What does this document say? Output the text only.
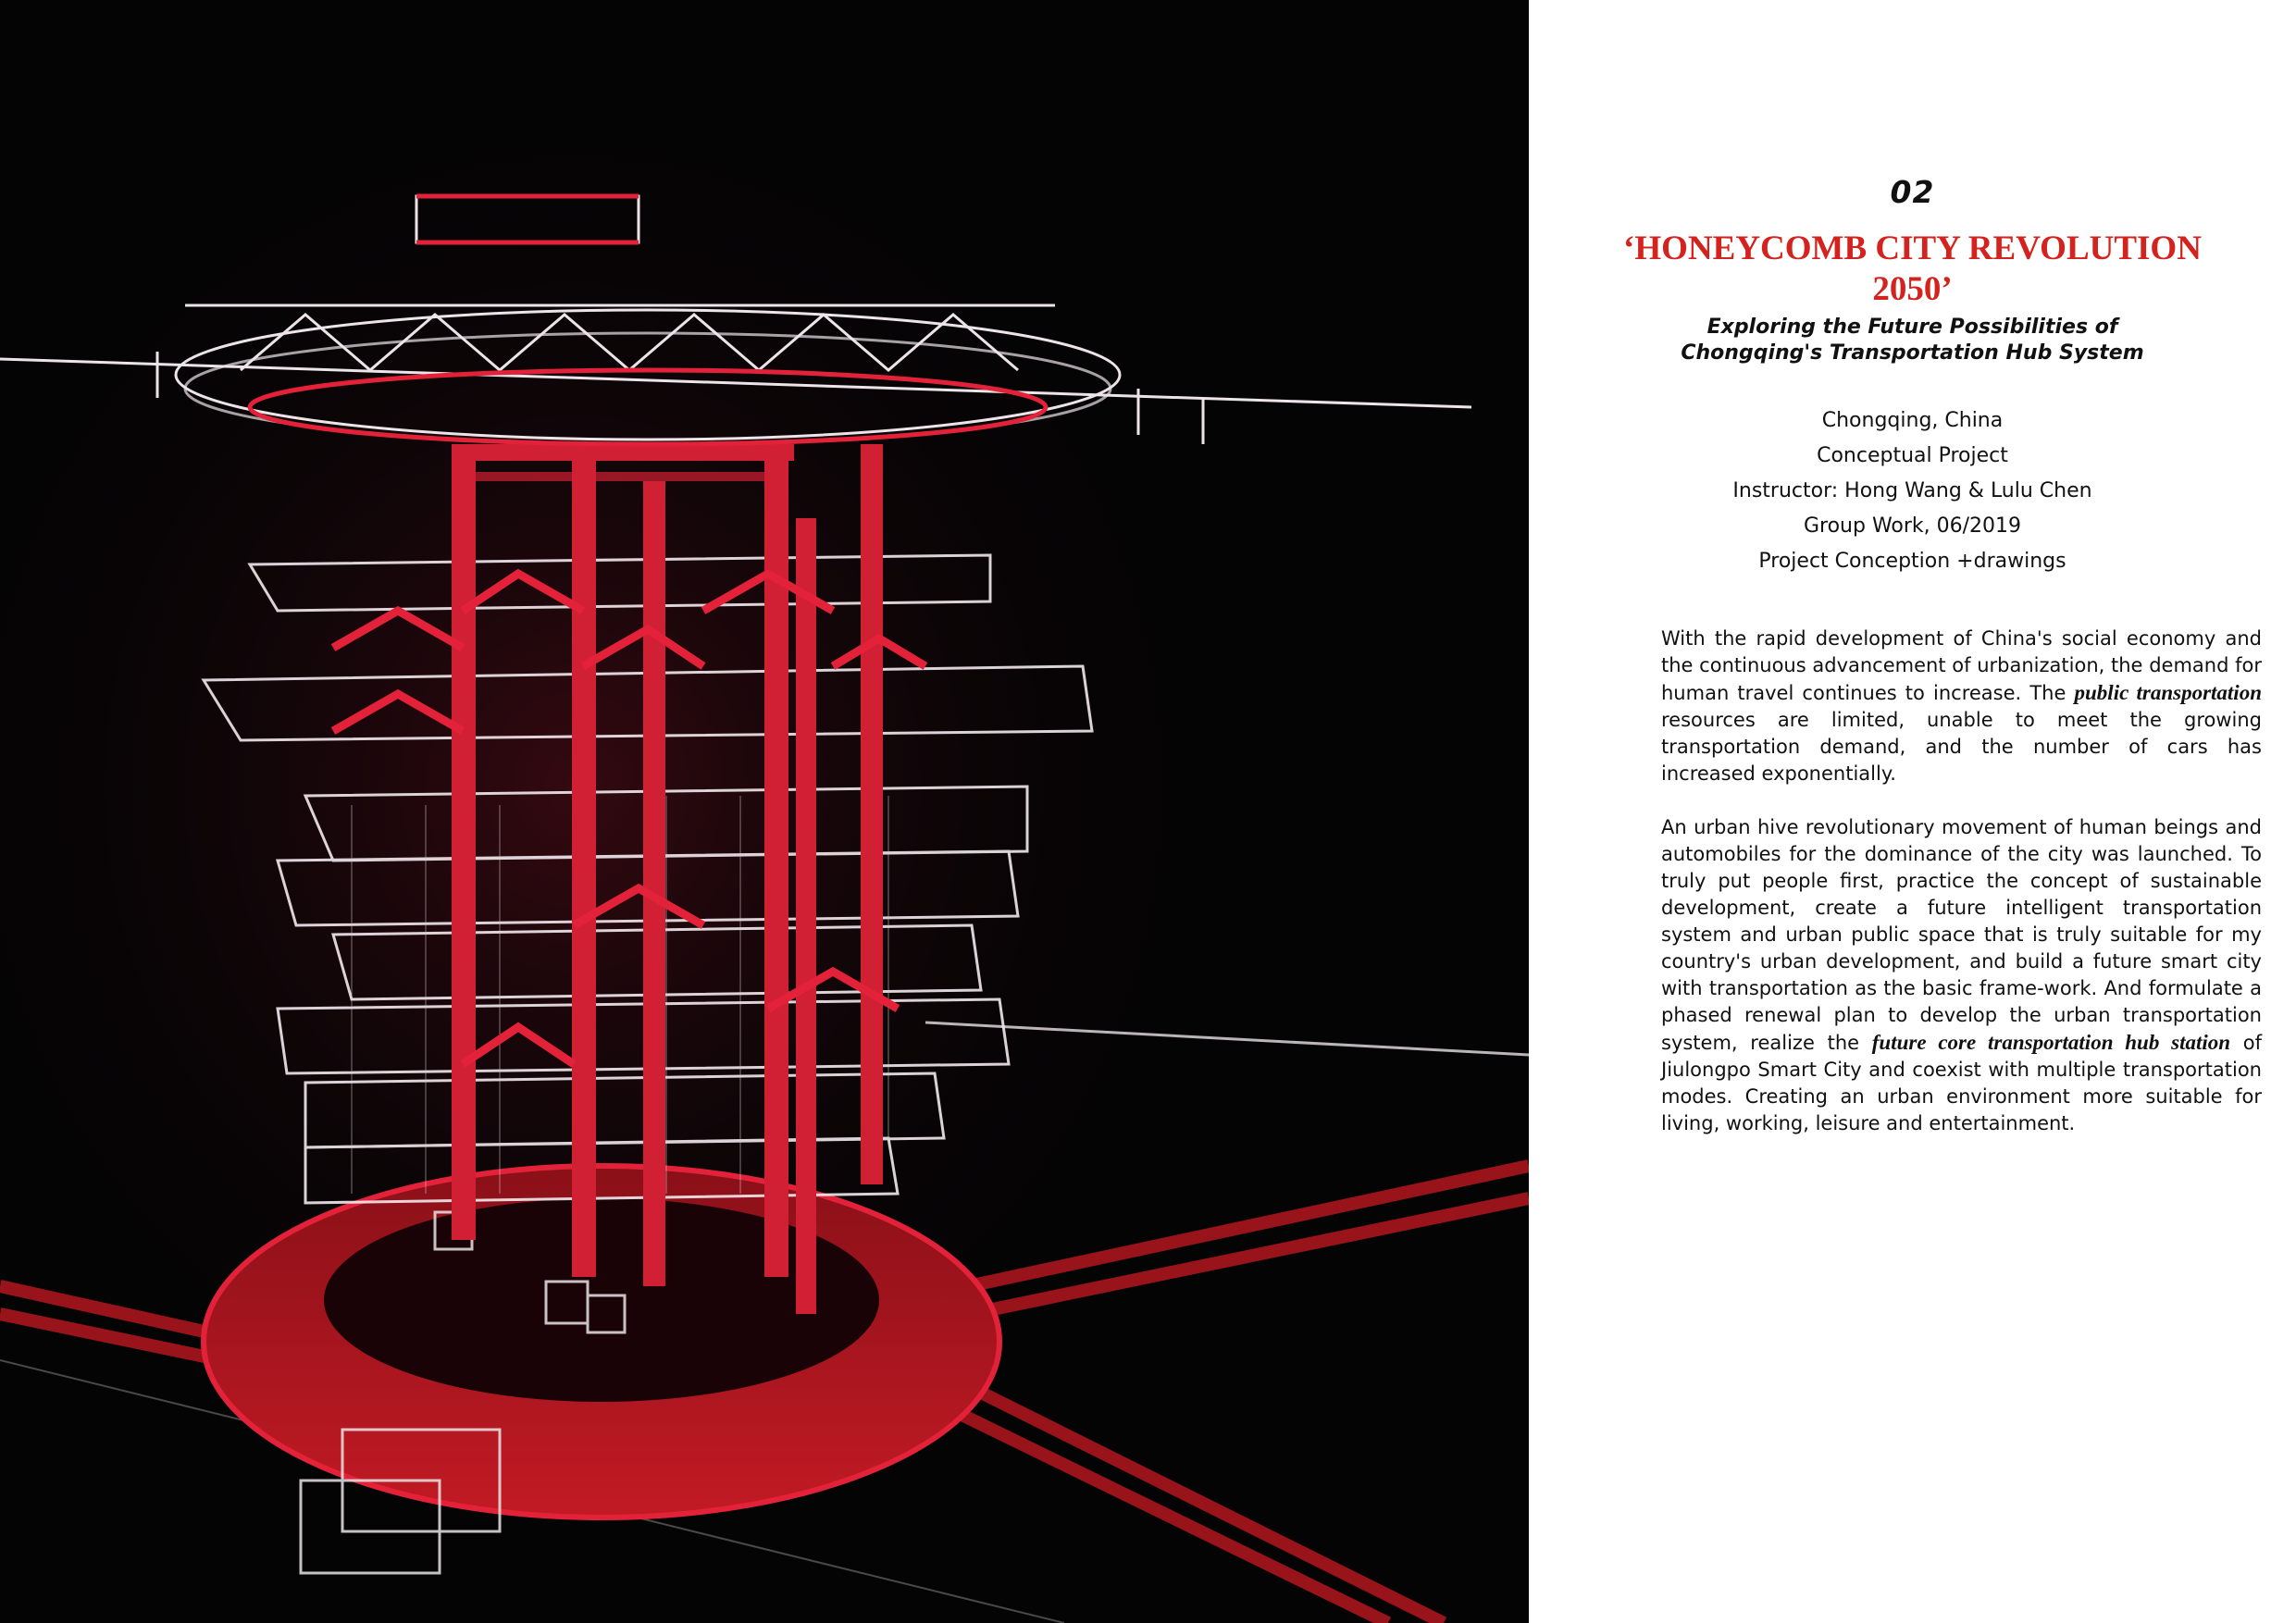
02
‘HONEYCOMB CITY REVOLUTION 2050’
Exploring the Future Possibilities of
Chongqing's Transportation Hub System
Chongqing, China
Conceptual Project
Instructor: Hong Wang & Lulu Chen
Group Work, 06/2019
Project Conception +drawings

With the rapid development of China's social economy and the continuous advancement of urbanization, the demand for human travel continues to increase. The public transportation resources are limited, unable to meet the growing transportation demand, and the number of cars has increased exponentially.

An urban hive revolutionary movement of human beings and automobiles for the dominance of the city was launched. To truly put people first, practice the concept of sustainable development, create a future intelligent transportation system and urban public space that is truly suitable for my country's urban development, and build a future smart city with transportation as the basic frame-work. And formulate a phased renewal plan to develop the urban transportation system, realize the future core transportation hub station of Jiulongpo Smart City and coexist with multiple transportation modes. Creating an urban environment more suitable for living, working, leisure and entertainment.
